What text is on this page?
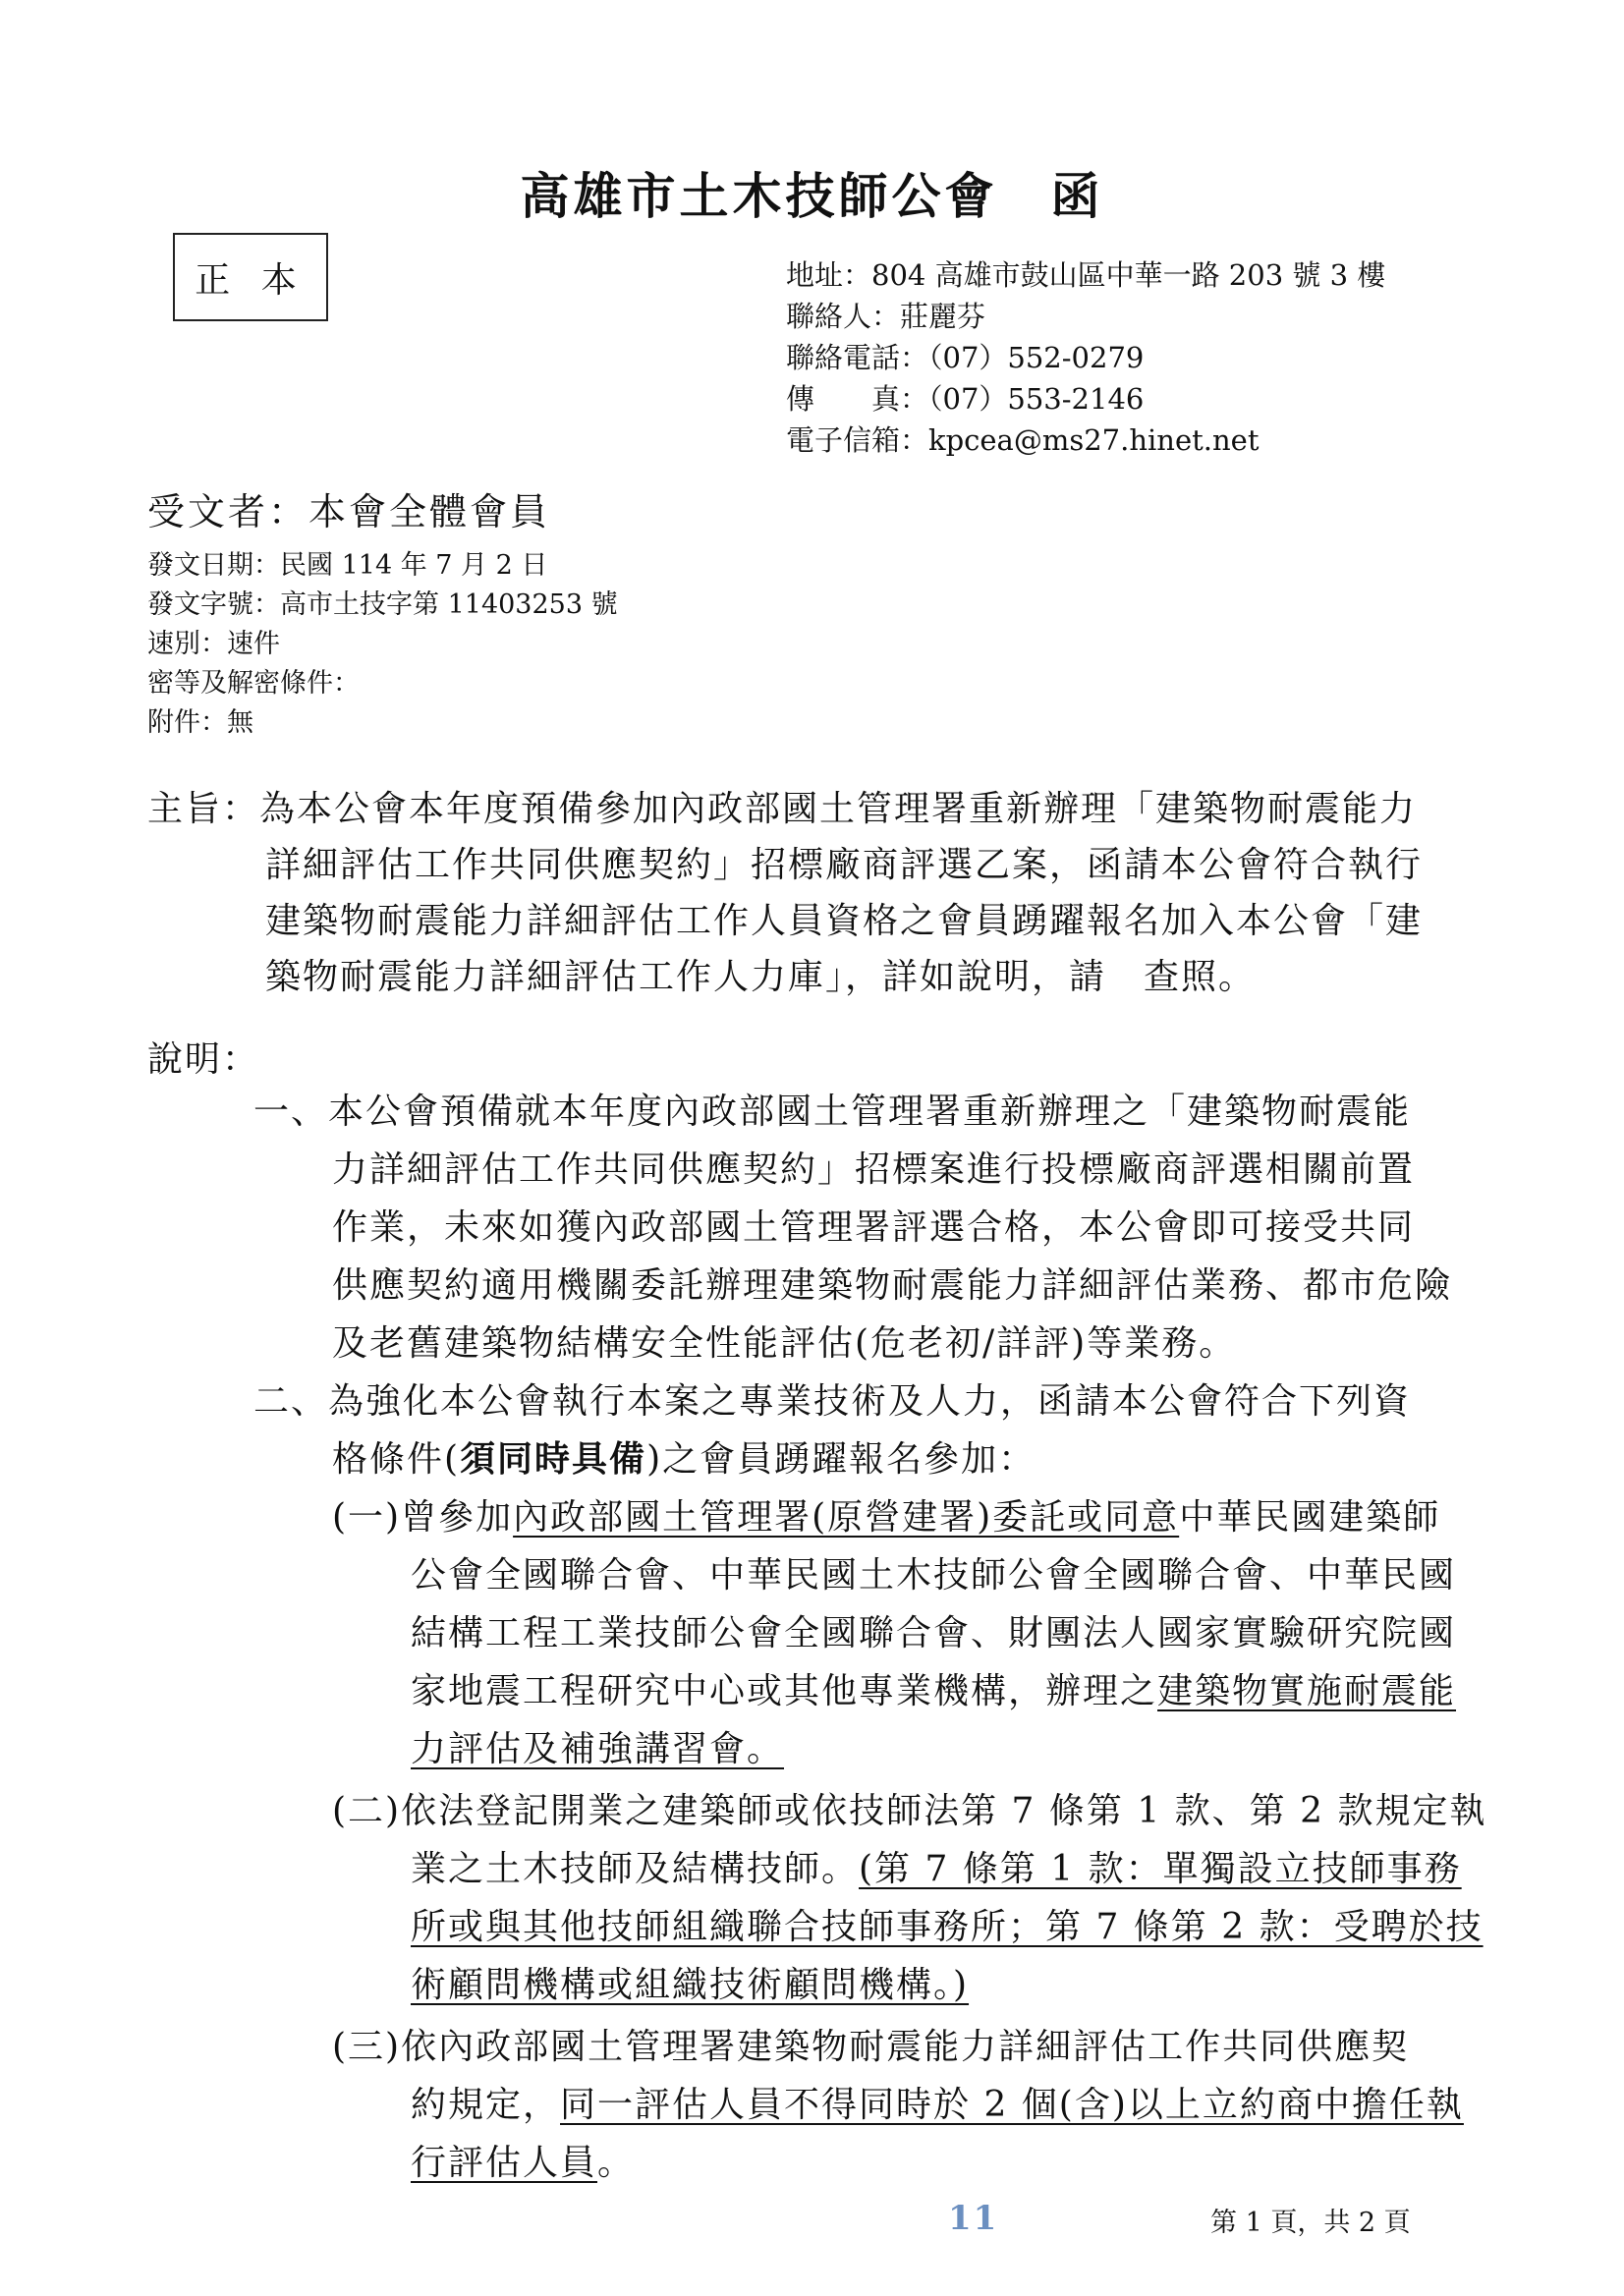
高雄市土木技師公會　函
正 本	地址：804 高雄市鼓山區中華一路 203 號 3 樓
聯絡人：莊麗芬
聯絡電話：（07）552-0279
傳　　真：（07）553-2146
電子信箱：kpcea@ms27.hinet.net
受文者：本會全體會員
發文日期：民國 114 年 7 月 2 日
發文字號：高市土技字第 11403253 號
速別：速件
密等及解密條件：
附件：無
主旨：為本公會本年度預備參加內政部國土管理署重新辦理「建築物耐震能力
詳細評估工作共同供應契約」招標廠商評選乙案，函請本公會符合執行
建築物耐震能力詳細評估工作人員資格之會員踴躍報名加入本公會「建
築物耐震能力詳細評估工作人力庫」，詳如說明，請　查照。
說明：
一、本公會預備就本年度內政部國土管理署重新辦理之「建築物耐震能
力詳細評估工作共同供應契約」招標案進行投標廠商評選相關前置
作業，未來如獲內政部國土管理署評選合格，本公會即可接受共同
供應契約適用機關委託辦理建築物耐震能力詳細評估業務、都市危險
及老舊建築物結構安全性能評估(危老初/詳評)等業務。
二、為強化本公會執行本案之專業技術及人力，函請本公會符合下列資
格條件(須同時具備)之會員踴躍報名參加：
(一)曾參加內政部國土管理署(原營建署)委託或同意中華民國建築師
公會全國聯合會、中華民國土木技師公會全國聯合會、中華民國
結構工程工業技師公會全國聯合會、財團法人國家實驗研究院國
家地震工程研究中心或其他專業機構，辦理之建築物實施耐震能
力評估及補強講習會。
(二)依法登記開業之建築師或依技師法第 7 條第 1 款、第 2 款規定執
業之土木技師及結構技師。(第 7 條第 1 款：單獨設立技師事務
所或與其他技師組織聯合技師事務所；第 7 條第 2 款：受聘於技
術顧問機構或組織技術顧問機構。)
(三)依內政部國土管理署建築物耐震能力詳細評估工作共同供應契
約規定，同一評估人員不得同時於 2 個(含)以上立約商中擔任執
行評估人員。
11	第 1 頁，共 2 頁
